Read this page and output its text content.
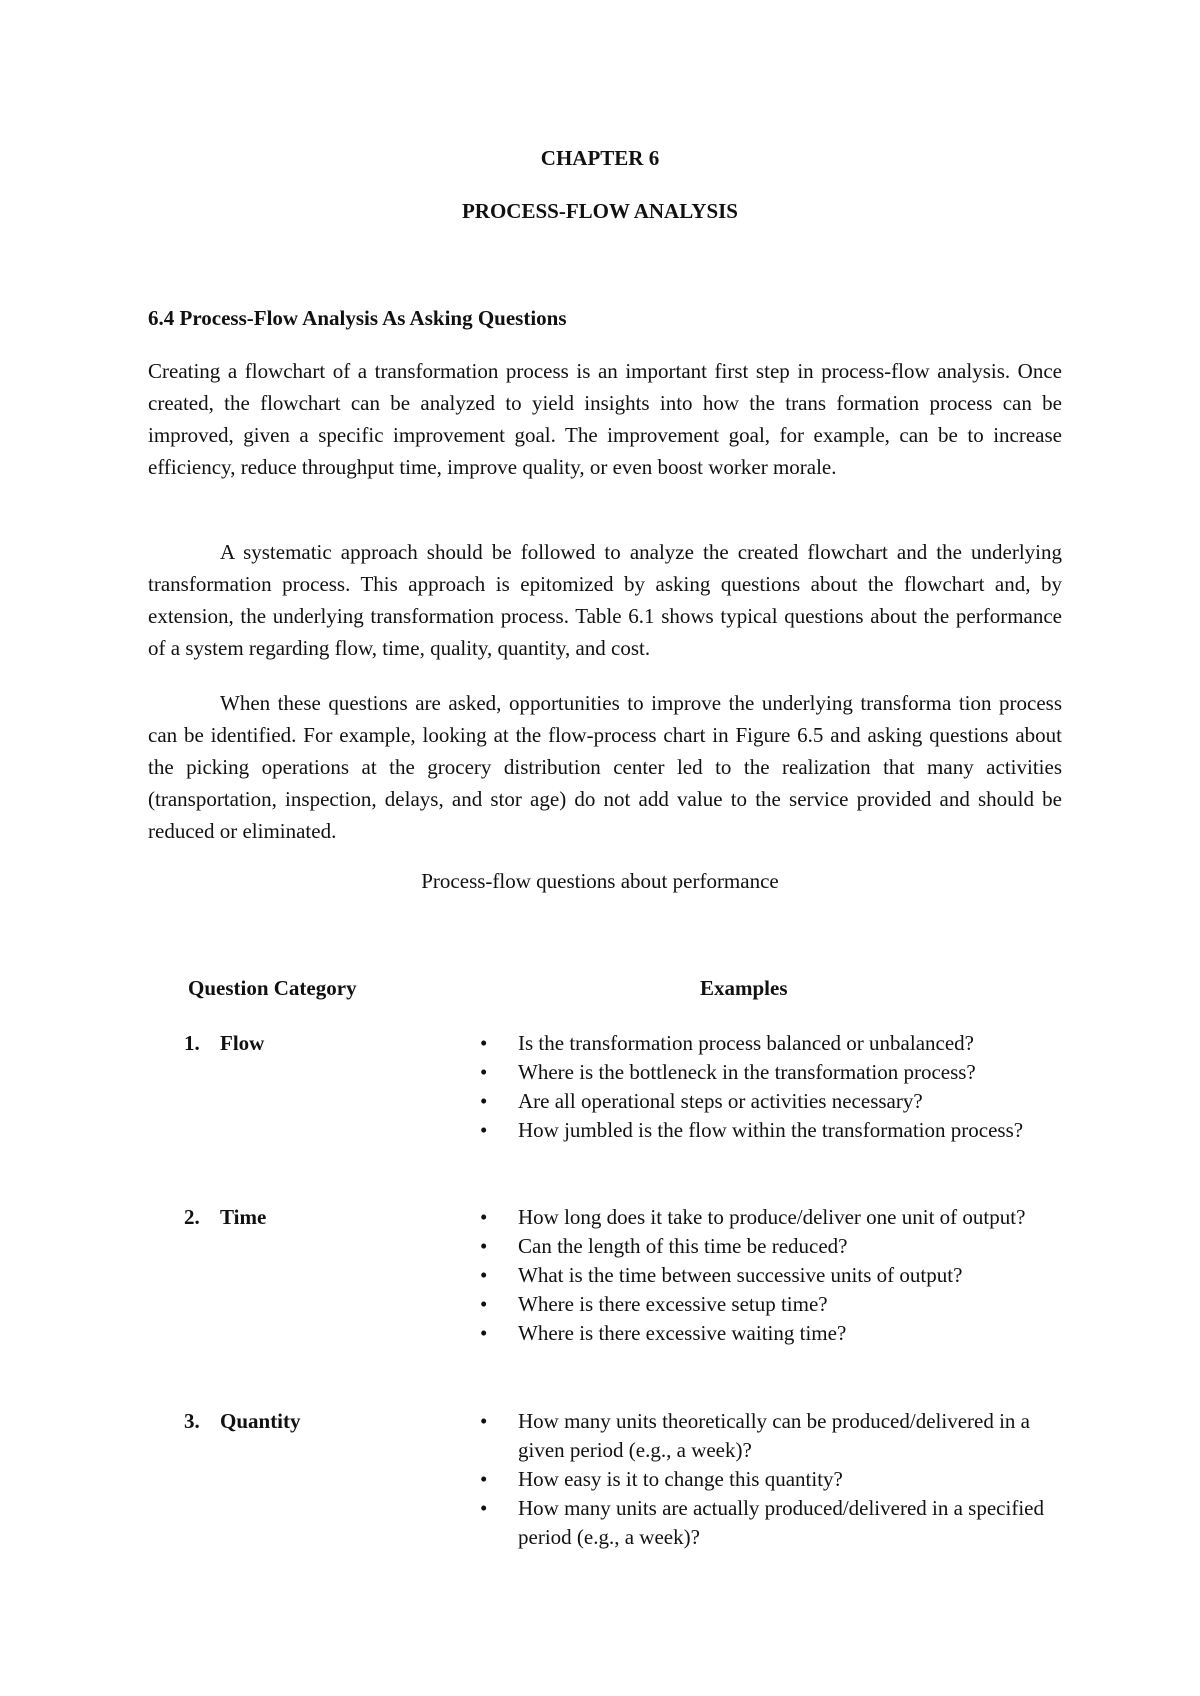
CHAPTER 6
PROCESS-FLOW ANALYSIS
6.4 Process-Flow Analysis As Asking Questions

Creating a flowchart of a transformation process is an important first step in process-flow analysis. Once created, the flowchart can be analyzed to yield insights into how the trans formation process can be improved, given a specific improvement goal. The improvement goal, for example, can be to increase efficiency, reduce throughput time, improve quality, or even boost worker morale.

A systematic approach should be followed to analyze the created flowchart and the underlying transformation process. This approach is epitomized by asking questions about the flowchart and, by extension, the underlying transformation process. Table 6.1 shows typical questions about the performance of a system regarding flow, time, quality, quantity, and cost.

When these questions are asked, opportunities to improve the underlying transforma tion process can be identified. For example, looking at the flow-process chart in Figure 6.5 and asking questions about the picking operations at the grocery distribution center led to the realization that many activities (transportation, inspection, delays, and stor age) do not add value to the service provided and should be reduced or eliminated.

Process-flow questions about performance
Question Category	Examples
1. Flow	• Is the transformation process balanced or unbalanced?
• Where is the bottleneck in the transformation process?
• Are all operational steps or activities necessary?
• How jumbled is the flow within the transformation process?
2. Time	• How long does it take to produce/deliver one unit of output?
• Can the length of this time be reduced?
• What is the time between successive units of output?
• Where is there excessive setup time?
• Where is there excessive waiting time?
3. Quantity	• How many units theoretically can be produced/delivered in a given period (e.g., a week)?
• How easy is it to change this quantity?
• How many units are actually produced/delivered in a specified period (e.g., a week)?
